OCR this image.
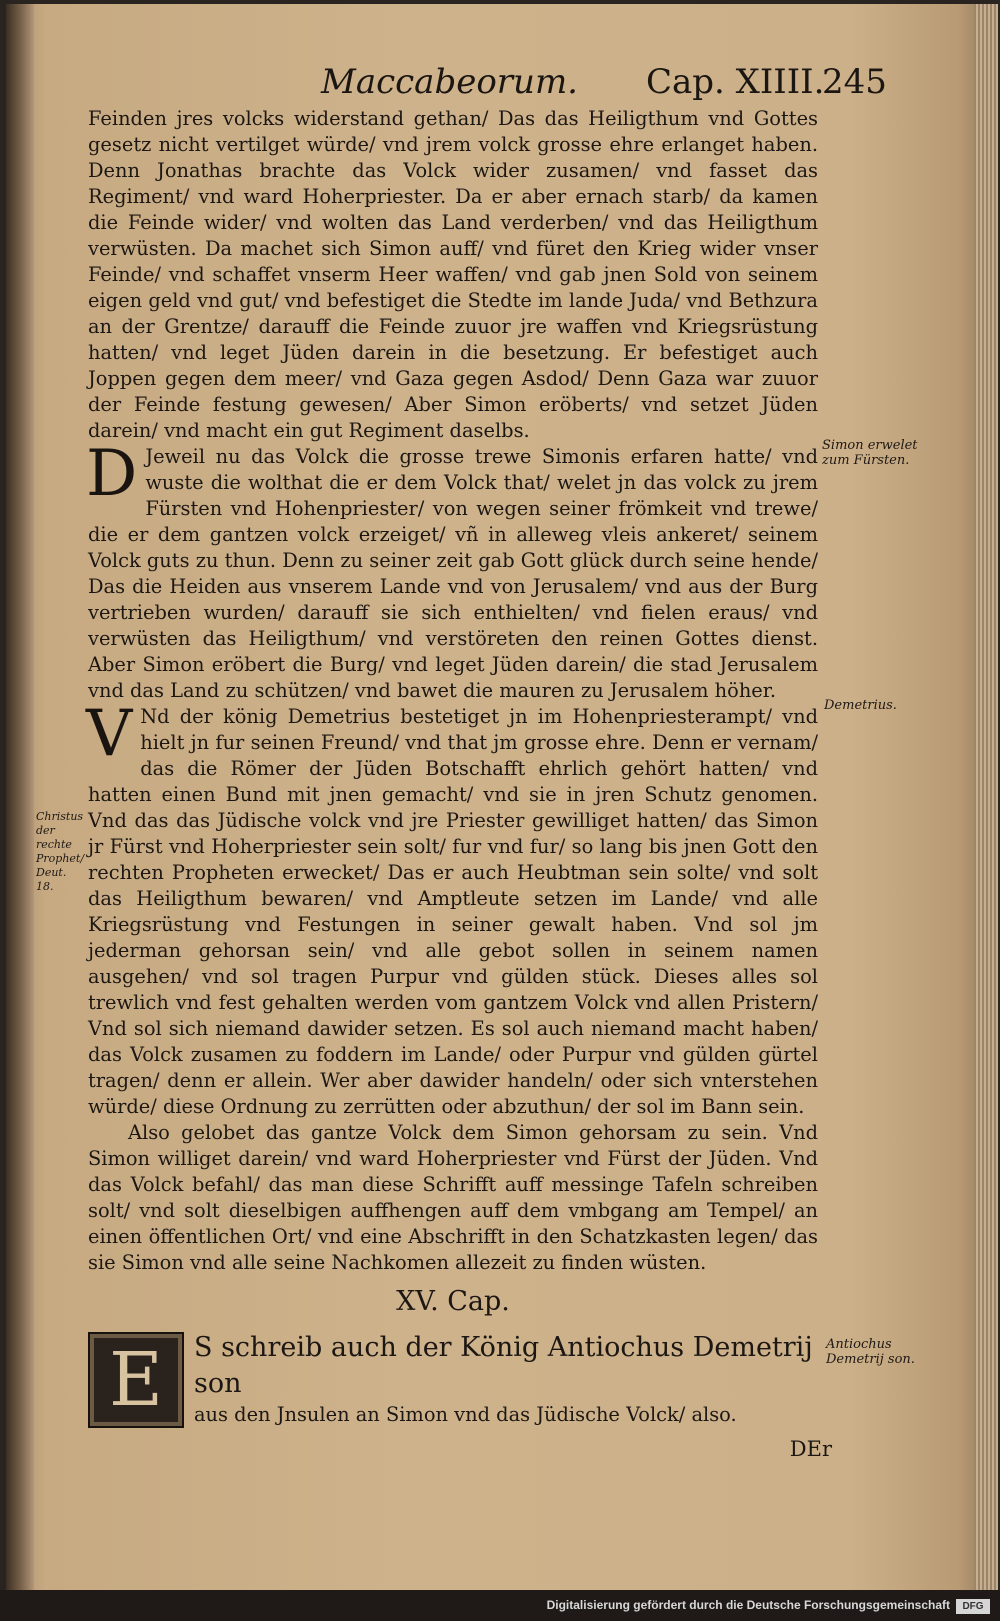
Maccabeorum. Cap. XIIII.
245

Feinden jres volcks widerstand gethan/ Das das Heiligthum vnd Gottes gesetz nicht vertilget würde/ vnd jrem volck grosse ehre erlanget haben. Denn Jonathas brachte das Volck wider zusamen/ vnd fasset das Regiment/ vnd ward Hoherpriester. Da er aber ernach starb/ da kamen die Feinde wider/ vnd wolten das Land verderben/ vnd das Heiligthum verwüsten. Da machet sich Simon auff/ vnd füret den Krieg wider vnser Feinde/ vnd schaffet vnserm Heer waffen/ vnd gab jnen Sold von seinem eigen geld vnd gut/ vnd befestiget die Stedte im lande Juda/ vnd Bethzura an der Grentze/ darauff die Feinde zuuor jre waffen vnd Kriegsrüstung hatten/ vnd leget Jüden darein in die besetzung. Er befestiget auch Joppen gegen dem meer/ vnd Gaza gegen Asdod/ Denn Gaza war zuuor der Feinde festung gewesen/ Aber Simon eröberts/ vnd setzet Jüden darein/ vnd macht ein gut Regiment daselbs.

D Jeweil nu das Volck die grosse trewe Simonis erfaren hatte/ vnd wuste die wolthat die er dem Volck that/ welet jn das volck zu jrem Fürsten vnd Hohenpriester/ von wegen seiner frömkeit vnd trewe/ die er dem gantzen volck erzeiget/ vñ in alleweg vleis ankeret/ seinem Volck guts zu thun. Denn zu seiner zeit gab Gott glück durch seine hende/ Das die Heiden aus vnserem Lande vnd von Jerusalem/ vnd aus der Burg vertrieben wurden/ darauff sie sich enthielten/ vnd fielen eraus/ vnd verwüsten das Heiligthum/ vnd verstöreten den reinen Gottes dienst. Aber Simon eröbert die Burg/ vnd leget Jüden darein/ die stad Jerusalem vnd das Land zu schützen/ vnd bawet die mauren zu Jerusalem höher.

V Nd der könig Demetrius bestetiget jn im Hohenpriesterampt/ vnd hielt jn fur seinen Freund/ vnd that jm grosse ehre. Denn er vernam/ das die Römer der Jüden Botschafft ehrlich gehört hatten/ vnd hatten einen Bund mit jnen gemacht/ vnd sie in jren Schutz genomen. Vnd das das Jüdische volck vnd jre Priester gewilliget hatten/ das Simon jr Fürst vnd Hoherpriester sein solt/ fur vnd fur/ so lang bis jnen Gott den rechten Propheten erwecket/ Das er auch Heubtman sein solte/ vnd solt das Heiligthum bewaren/ vnd Amptleute setzen im Lande/ vnd alle Kriegsrüstung vnd Festungen in seiner gewalt haben. Vnd sol jm jederman gehorsan sein/ vnd alle gebot sollen in seinem namen ausgehen/ vnd sol tragen Purpur vnd gülden stück. Dieses alles sol trewlich vnd fest gehalten werden vom gantzem Volck vnd allen Pristern/ Vnd sol sich niemand dawider setzen. Es sol auch niemand macht haben/ das Volck zusamen zu foddern im Lande/ oder Purpur vnd gülden gürtel tragen/ denn er allein. Wer aber dawider handeln/ oder sich vnterstehen würde/ diese Ordnung zu zerrütten oder abzuthun/ der sol im Bann sein.

Also gelobet das gantze Volck dem Simon gehorsam zu sein. Vnd Simon williget darein/ vnd ward Hoherpriester vnd Fürst der Jüden. Vnd das Volck befahl/ das man diese Schrifft auff messinge Tafeln schreiben solt/ vnd solt dieselbigen auffhengen auff dem vmbgang am Tempel/ an einen öffentlichen Ort/ vnd eine Abschrifft in den Schatzkasten legen/ das sie Simon vnd alle seine Nachkomen allezeit zu finden wüsten.

XV. Cap.
E	S schreib auch der König Antiochus Demetrij son
aus den Jnsulen an Simon vnd das Jüdische Volck/ also.
DEr
Simon erwelet zum Fürsten.
Demetrius.
Christus der rechte Prophet/ Deut. 18.
Antiochus Demetrij son.
Digitalisierung gefördert durch die Deutsche Forschungsgemeinschaft	DFG
